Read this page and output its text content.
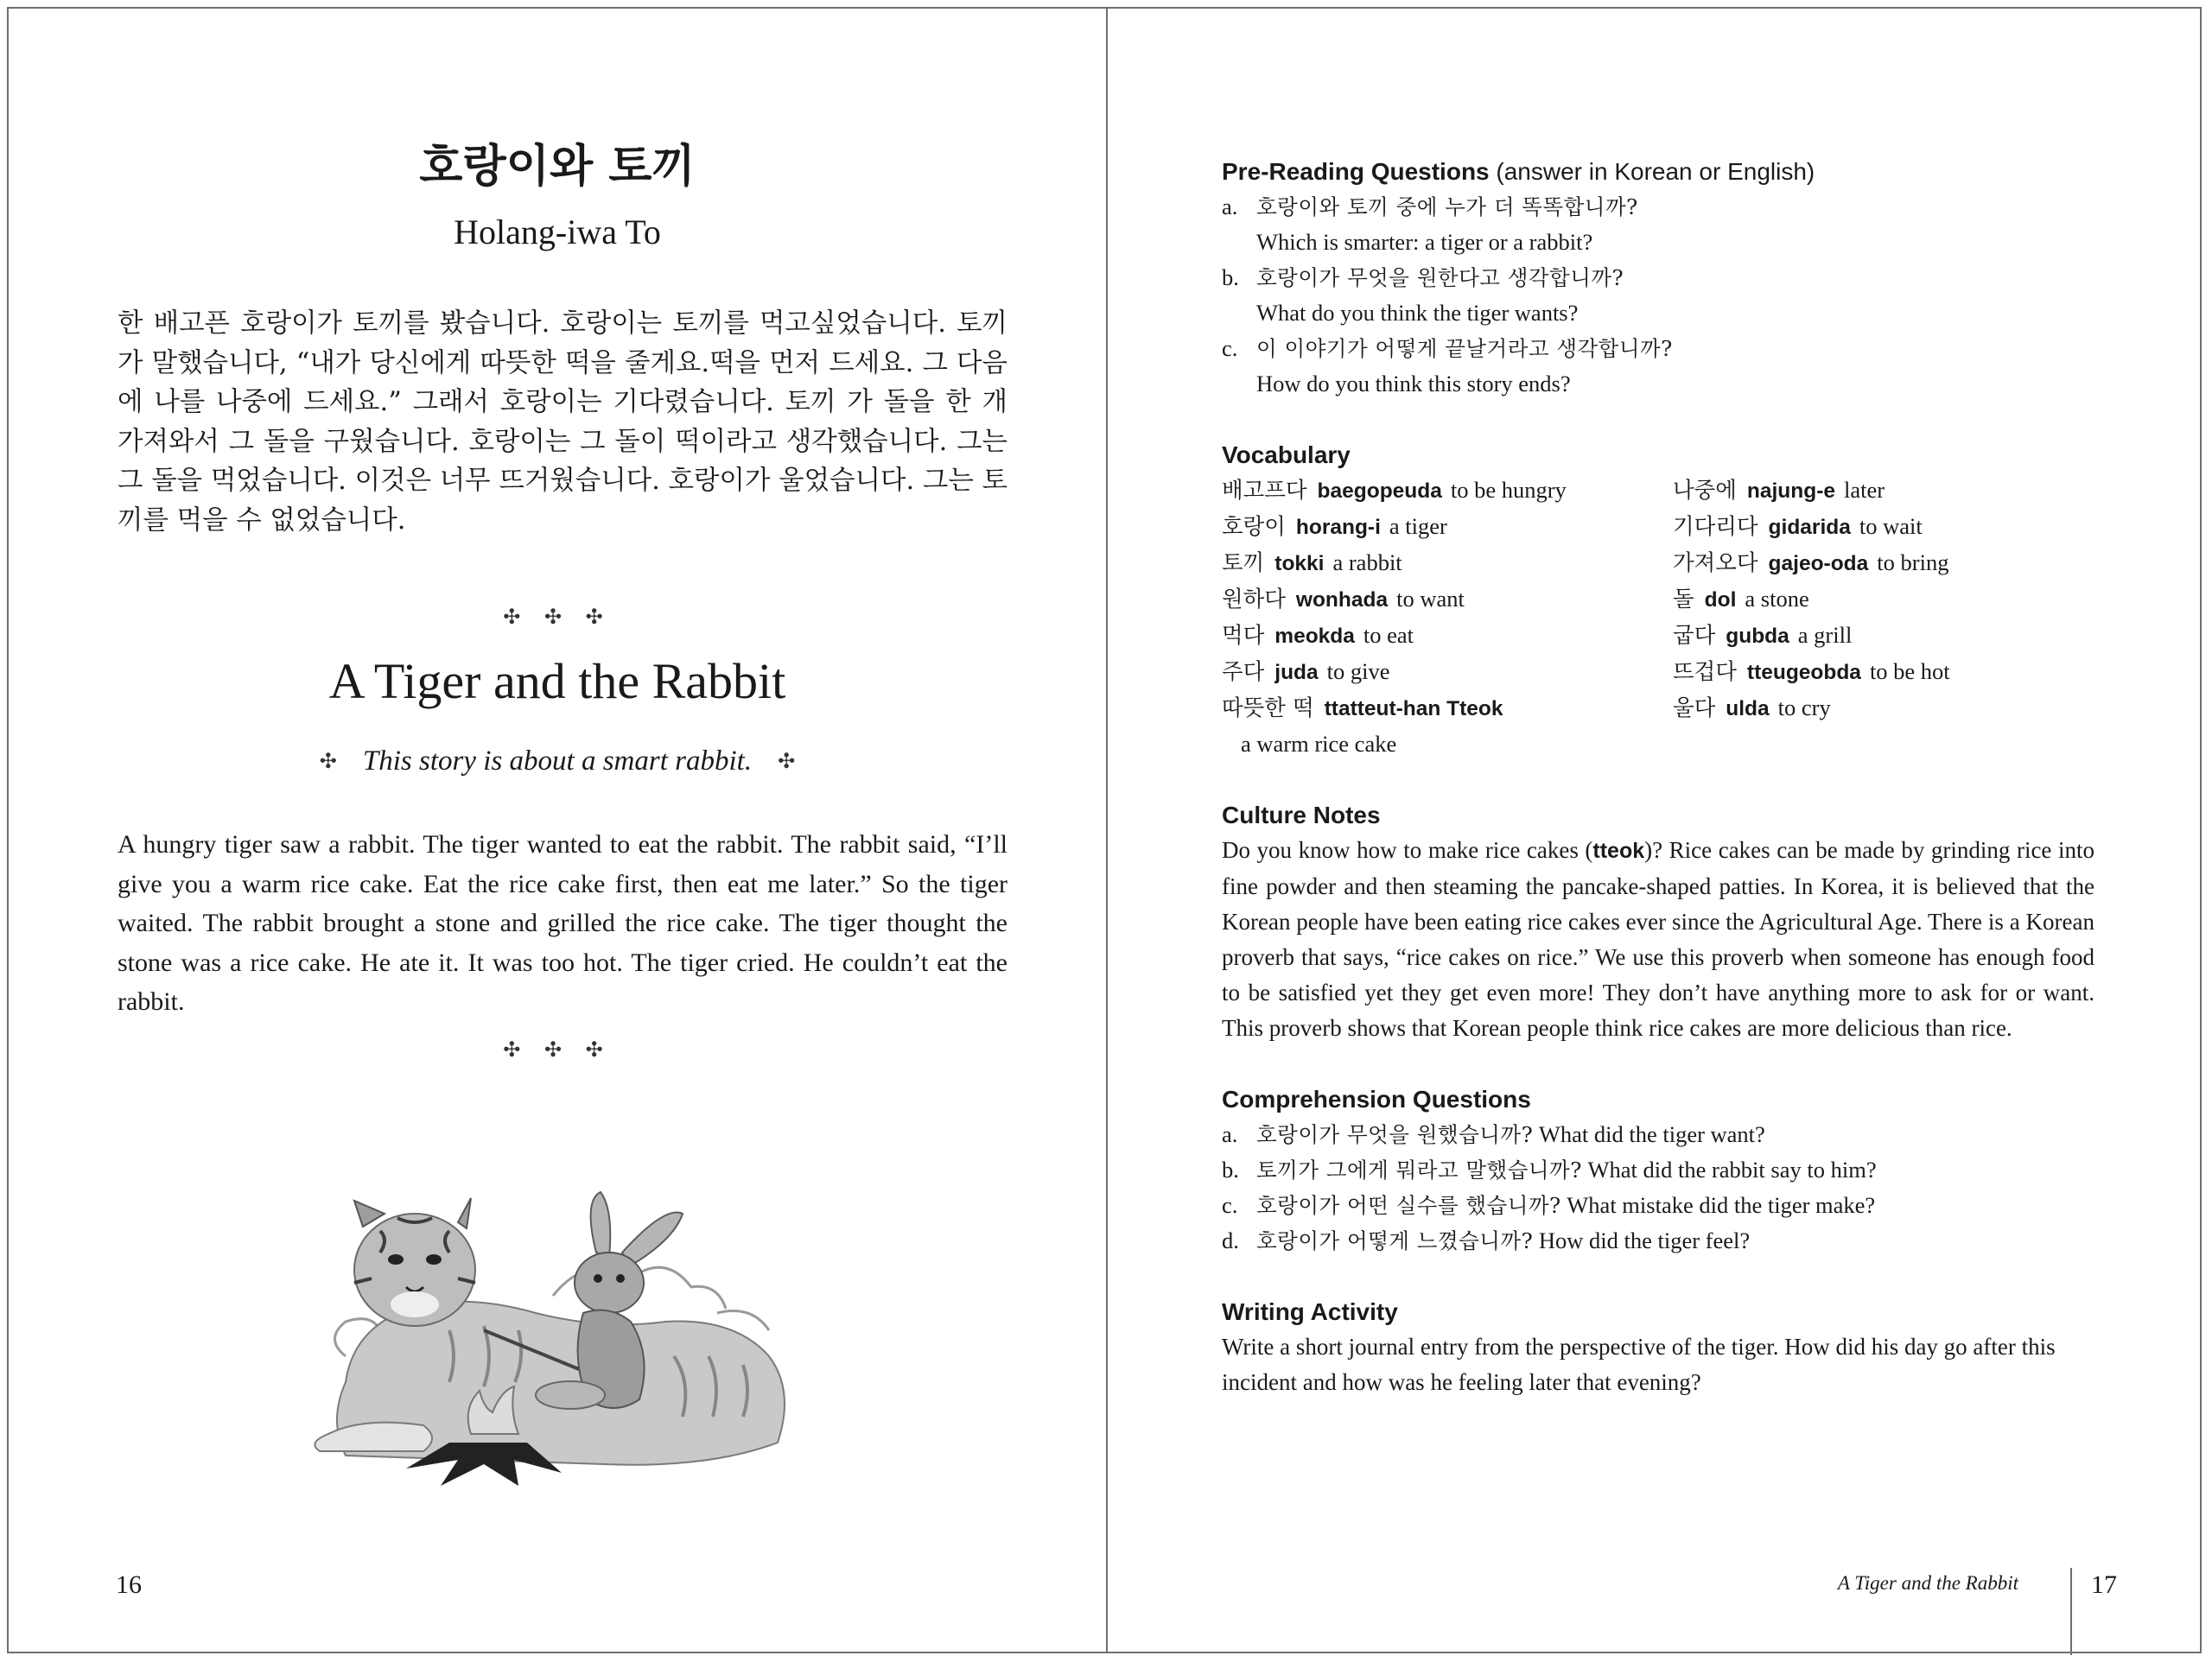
호랑이와 토끼
Holang-iwa To

한 배고픈 호랑이가 토끼를 봤습니다. 호랑이는 토끼를 먹고싶었습니다. 토끼가 말했습니다, “내가 당신에게 따뜻한 떡을 줄게요.떡을 먼저 드세요. 그 다음에 나를 나중에 드세요.” 그래서 호랑이는 기다렸습니다. 토끼 가 돌을 한 개 가져와서 그 돌을 구웠습니다. 호랑이는 그 돌이 떡이라고 생각했습니다. 그는 그 돌을 먹었습니다. 이것은 너무 뜨거웠습니다. 호랑이가 울었습니다. 그는 토끼를 먹을 수 없었습니다.

✣ ✣ ✣
A Tiger and the Rabbit
✣ This story is about a smart rabbit. ✣

A hungry tiger saw a rabbit. The tiger wanted to eat the rabbit. The rabbit said, “I’ll give you a warm rice cake. Eat the rice cake first, then eat me later.” So the tiger waited. The rabbit brought a stone and grilled the rice cake. The tiger thought the stone was a rice cake. He ate it. It was too hot. The tiger cried. He couldn’t eat the rabbit.

✣ ✣ ✣
16
Pre-Reading Questions (answer in Korean or English)

a. 호랑이와 토끼 중에 누가 더 똑똑합니까?

Which is smarter: a tiger or a rabbit?

b. 호랑이가 무엇을 원한다고 생각합니까?

What do you think the tiger wants?

c. 이 이야기가 어떻게 끝날거라고 생각합니까?

How do you think this story ends?

Vocabulary
배고프다 baegopeuda to be hungry
호랑이 horang-i a tiger
토끼 tokki a rabbit
원하다 wonhada to want
먹다 meokda to eat
주다 juda to give
따뜻한 떡 ttatteut-han Tteok
a warm rice cake
나중에 najung-e later
기다리다 gidarida to wait
가져오다 gajeo-oda to bring
돌 dol a stone
굽다 gubda a grill
뜨겁다 tteugeobda to be hot
울다 ulda to cry
Culture Notes

Do you know how to make rice cakes (tteok)? Rice cakes can be made by grinding rice into fine powder and then steaming the pancake-shaped patties. In Korea, it is believed that the Korean people have been eating rice cakes ever since the Agricultural Age. There is a Korean proverb that says, “rice cakes on rice.” We use this proverb when someone has enough food to be satisfied yet they get even more! They don’t have anything more to ask for or want. This proverb shows that Korean people think rice cakes are more delicious than rice.

Comprehension Questions

a. 호랑이가 무엇을 원했습니까? What did the tiger want?

b. 토끼가 그에게 뭐라고 말했습니까? What did the rabbit say to him?

c. 호랑이가 어떤 실수를 했습니까? What mistake did the tiger make?

d. 호랑이가 어떻게 느꼈습니까? How did the tiger feel?

Writing Activity

Write a short journal entry from the perspective of the tiger. How did his day go after this incident and how was he feeling later that evening?

A Tiger and the Rabbit	17
